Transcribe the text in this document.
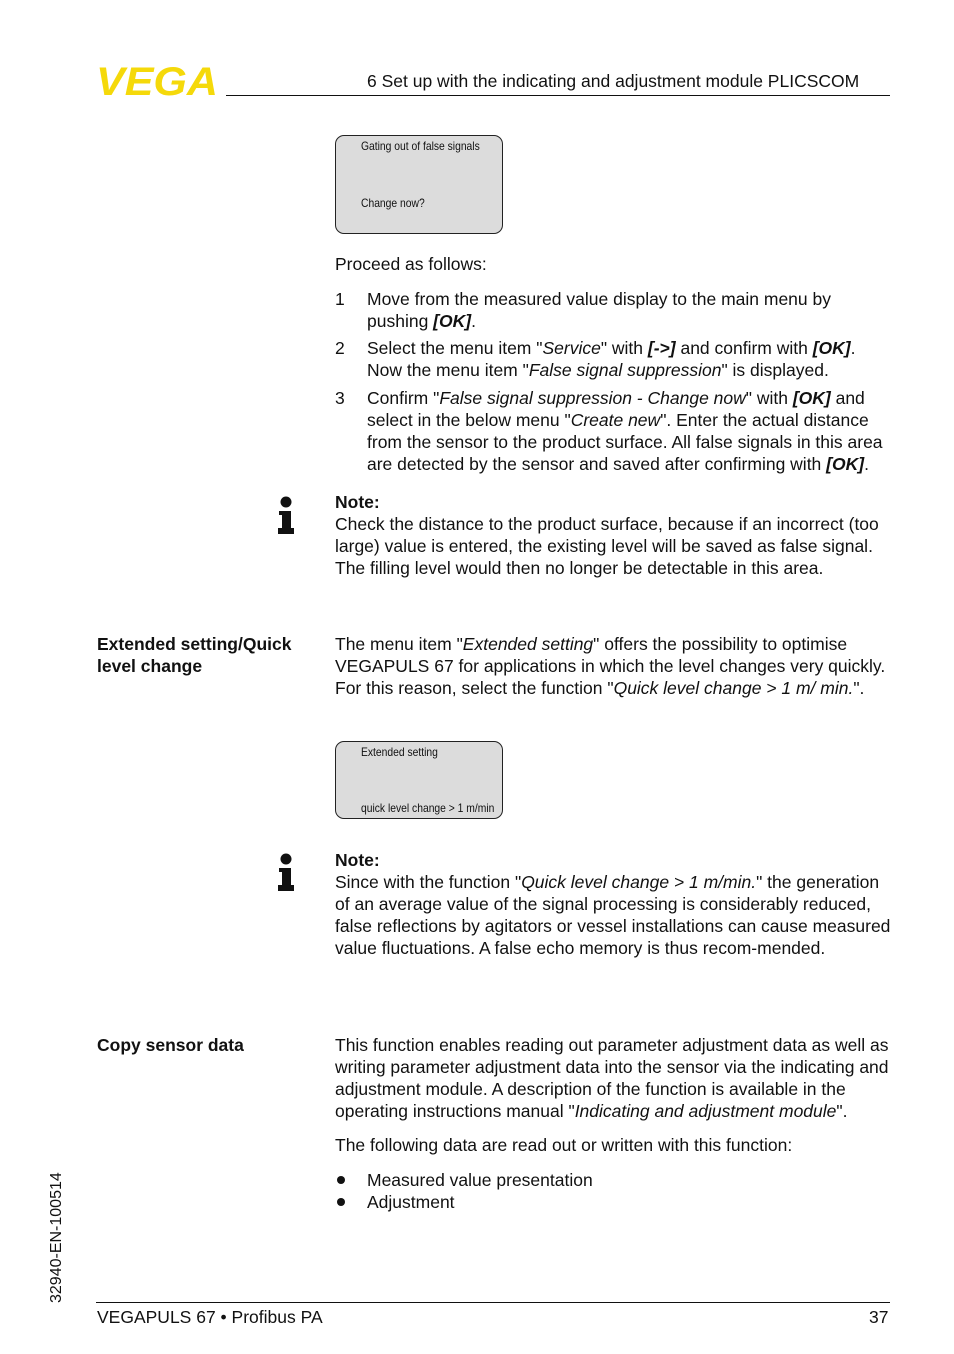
VEGA	6 Set up with the indicating and adjustment module PLICSCOM
Gating out of false signals
Change now?
Proceed as follows:
1 Move from the measured value display to the main menu by pushing [OK].
2 Select the menu item "Service" with [->] and confirm with [OK]. Now the menu item "False signal suppression" is displayed.
3 Confirm "False signal suppression - Change now" with [OK] and select in the below menu "Create new". Enter the actual distance from the sensor to the product surface. All false signals in this area are detected by the sensor and saved after confirming with [OK].
Note:
Check the distance to the product surface, because if an incorrect (too large) value is entered, the existing level will be saved as false signal. The filling level would then no longer be detectable in this area.
Extended setting/Quick level change
The menu item "Extended setting" offers the possibility to optimise VEGAPULS 67 for applications in which the level changes very quickly. For this reason, select the function "Quick level change > 1 m/ min.".
Extended setting
quick level change > 1 m/min
Note:
Since with the function "Quick level change > 1 m/min." the generation of an average value of the signal processing is considerably reduced, false reflections by agitators or vessel installations can cause measured value fluctuations. A false echo memory is thus recom-mended.
Copy sensor data	This function enables reading out parameter adjustment data as well as writing parameter adjustment data into the sensor via the indicating and adjustment module. A description of the function is available in the operating instructions manual "Indicating and adjustment module".
The following data are read out or written with this function:
Measured value presentation
Adjustment
32940-EN-100514
VEGAPULS 67 • Profibus PA	37
